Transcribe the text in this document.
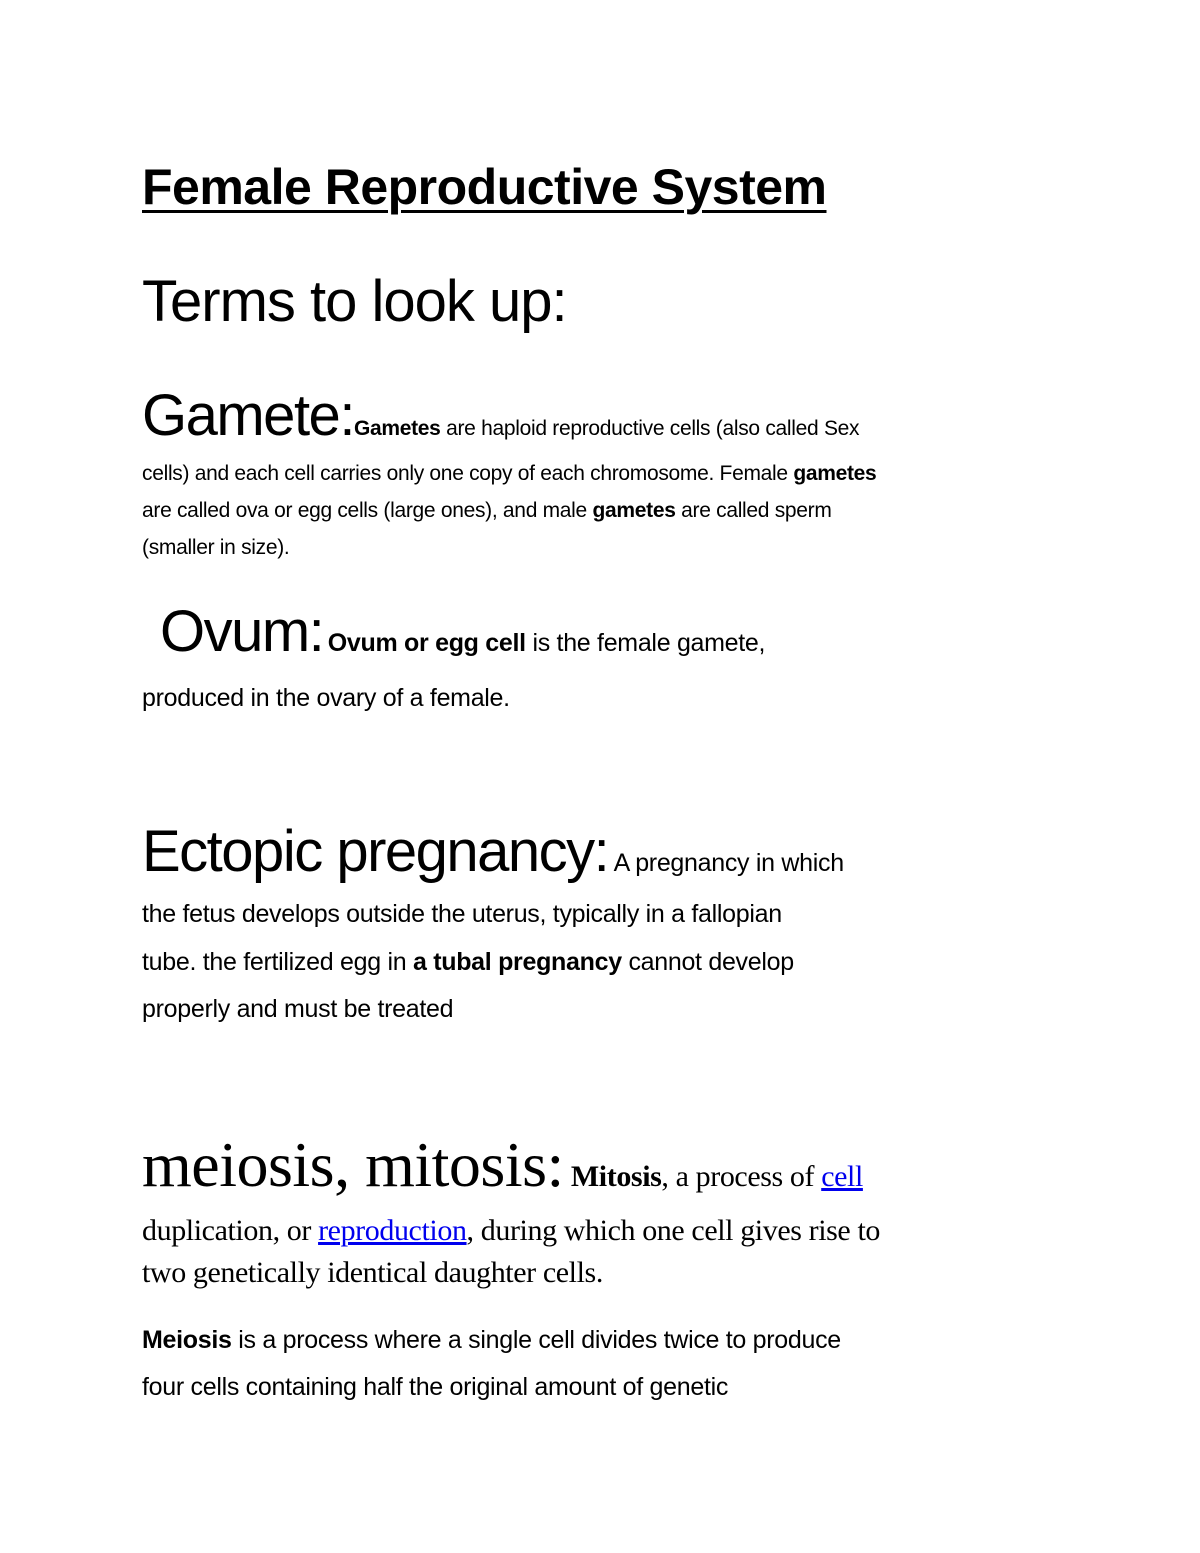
Female Reproductive System
Terms to look up:
Gamete:Gametes are haploid reproductive cells (also called Sex
cells) and each cell carries only one copy of each chromosome. Female gametes
are called ova or egg cells (large ones), and male gametes are called sperm
(smaller in size).
Ovum: Ovum or egg cell is the female gamete,
produced in the ovary of a female.
Ectopic pregnancy: A pregnancy in which
the fetus develops outside the uterus, typically in a fallopian
tube. the fertilized egg in a tubal pregnancy cannot develop
properly and must be treated
meiosis, mitosis: Mitosis, a process of cell
duplication, or reproduction, during which one cell gives rise to
two genetically identical daughter cells.
Meiosis is a process where a single cell divides twice to produce
four cells containing half the original amount of genetic
